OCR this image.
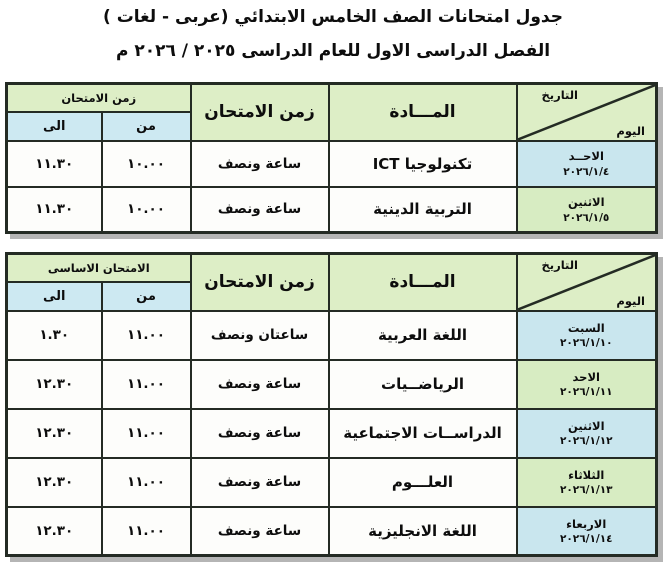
جدول امتحانات الصف الخامس الابتدائي (عربى - لغات )
الفصل الدراسى الاول للعام الدراسى ٢٠٢٥ / ٢٠٢٦ م
التاريخ
اليوم	المـــادة	زمن الامتحان	زمن الامتحان	
			من	الى

الاحــد
٢٠٢٦/١/٤	تكنولوجيا ICT	ساعة ونصف	١٠.٠٠	١١.٣٠

الاثنين
٢٠٢٦/١/٥	التربية الدينية	ساعة ونصف	١٠.٠٠	١١.٣٠
التاريخ
اليوم	المـــادة	زمن الامتحان	الامتحان الاساسى	
			من	الى

السبت
٢٠٢٦/١/١٠	اللغة العربية	ساعتان ونصف	١١.٠٠	١.٣٠

الاحد
٢٠٢٦/١/١١	الرياضــيات	ساعة ونصف	١١.٠٠	١٢.٣٠

الاثنين
٢٠٢٦/١/١٢	الدراســات الاجتماعية	ساعة ونصف	١١.٠٠	١٢.٣٠

الثلاثاء
٢٠٢٦/١/١٣	العلـــوم	ساعة ونصف	١١.٠٠	١٢.٣٠

الاربعاء
٢٠٢٦/١/١٤	اللغة الانجليزية	ساعة ونصف	١١.٠٠	١٢.٣٠
